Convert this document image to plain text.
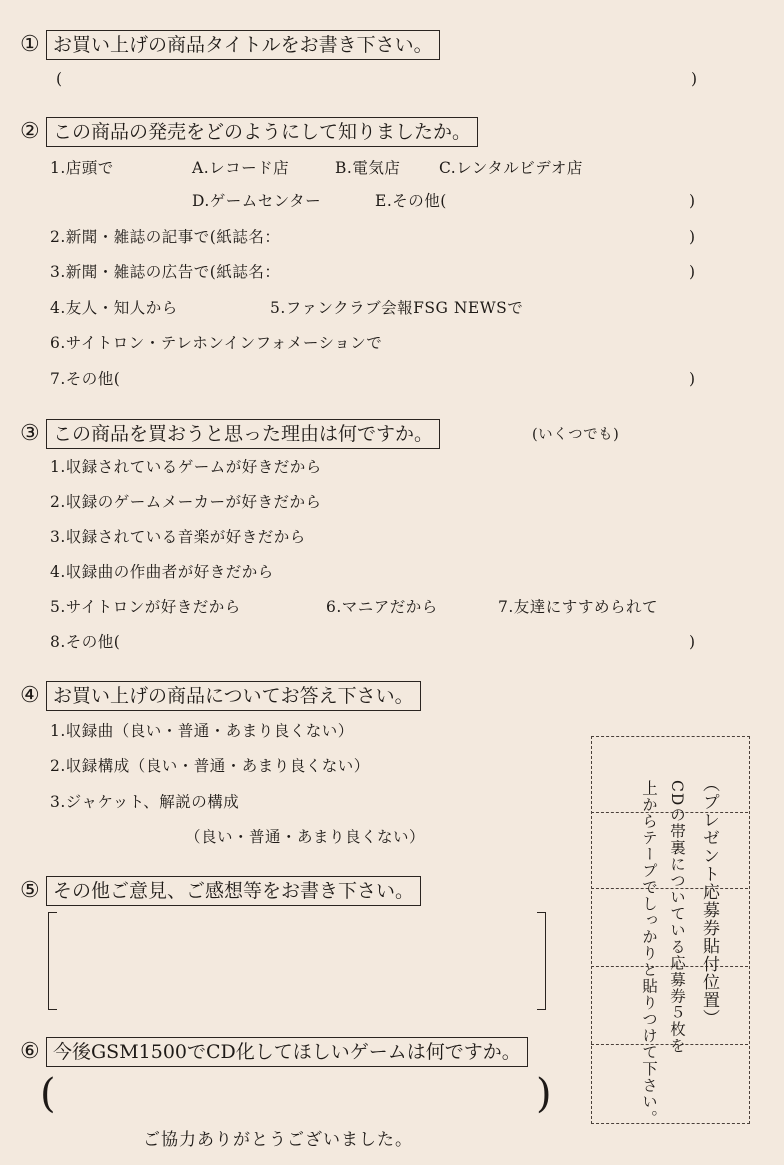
① お買い上げの商品タイトルをお書き下さい。
(	)
② この商品の発売をどのようにして知りましたか。
1.店頭で	A.レコード店	B.電気店 C.レンタルビデオ店
D.ゲームセンター	E.その他(	)
2.新聞・雑誌の記事で(紙誌名：	)
3.新聞・雑誌の広告で(紙誌名：	)
4.友人・知人から	5.ファンクラブ会報FSG NEWSで
6.サイトロン・テレホンインフォメーションで
7.その他(	)
③ この商品を買おうと思った理由は何ですか。	(いくつでも)
1.収録されているゲームが好きだから
2.収録のゲームメーカーが好きだから
3.収録されている音楽が好きだから
4.収録曲の作曲者が好きだから
5.サイトロンが好きだから	6.マニアだから	7.友達にすすめられて
8.その他(	)
④ お買い上げの商品についてお答え下さい。
1.収録曲（良い・普通・あまり良くない）
2.収録構成（良い・普通・あまり良くない）
3.ジャケット、解説の構成
（良い・普通・あまり良くない）
⑤ その他ご意見、ご感想等をお書き下さい。
⑥ 今後GSM1500でCD化してほしいゲームは何ですか。
(	)
（プレゼント応募券貼付位置）
CDの帯裏についている応募券５枚を
上からテープでしっかりと貼りつけて下さい。
ご協力ありがとうございました。
